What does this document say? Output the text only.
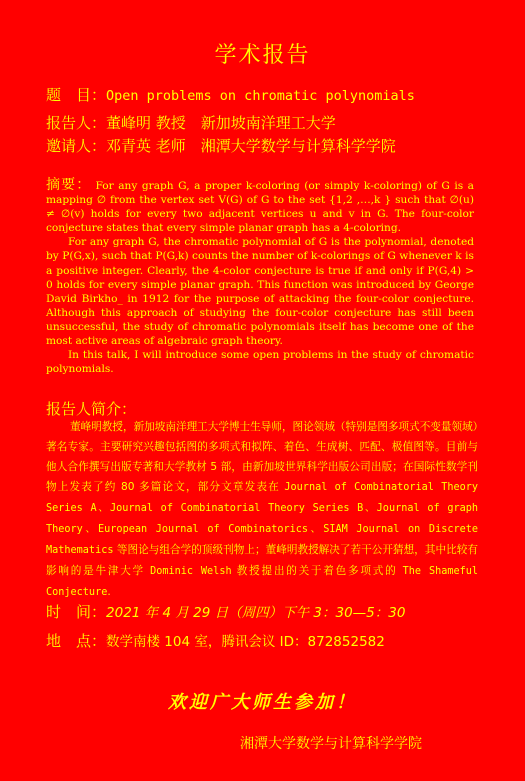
学术报告
题　目：Open problems on chromatic polynomials
报告人：董峰明 教授　新加坡南洋理工大学
邀请人：邓青英 老师　湘潭大学数学与计算科学学院

摘要： For any graph G, a proper k-coloring (or simply k-coloring) of G is a mapping ∅ from the vertex set V(G) of G to the set {1,2 ,…,k } such that ∅(u) ≠ ∅(v) holds for every two adjacent vertices u and v in G. The four-color conjecture states that every simple planar graph has a 4-coloring.

For any graph G, the chromatic polynomial of G is the polynomial, denoted by P(G,x), such that P(G,k) counts the number of k-colorings of G whenever k is a positive integer. Clearly, the 4-color conjecture is true if and only if P(G,4) > 0 holds for every simple planar graph. This function was introduced by George David Birkho_ in 1912 for the purpose of attacking the four-color conjecture. Although this approach of studying the four-color conjecture has still been unsuccessful, the study of chromatic polynomials itself has become one of the most active areas of algebraic graph theory.

In this talk, I will introduce some open problems in the study of chromatic polynomials.

报告人简介：

董峰明教授，新加坡南洋理工大学博士生导师，图论领域（特别是图多项式不变量领域）著名专家。主要研究兴趣包括图的多项式和拟阵、着色、生成树、匹配、极值图等。目前与他人合作撰写出版专著和大学教材 5 部，由新加坡世界科学出版公司出版；在国际性数学刊物上发表了约 80 多篇论文，部分文章发表在 Journal of Combinatorial Theory Series A、Journal of Combinatorial Theory Series B、Journal of graph Theory、European Journal of Combinatorics、SIAM Journal on Discrete Mathematics 等图论与组合学的顶级刊物上；董峰明教授解决了若干公开猜想，其中比较有影响的是牛津大学 Dominic Welsh 教授提出的关于着色多项式的 The Shameful Conjecture.

时　间：2021 年 4 月 29 日（周四）下午 3：30—5：30
地　点：数学南楼 104 室，腾讯会议 ID：872852582
欢迎广大师生参加！
湘潭大学数学与计算科学学院
